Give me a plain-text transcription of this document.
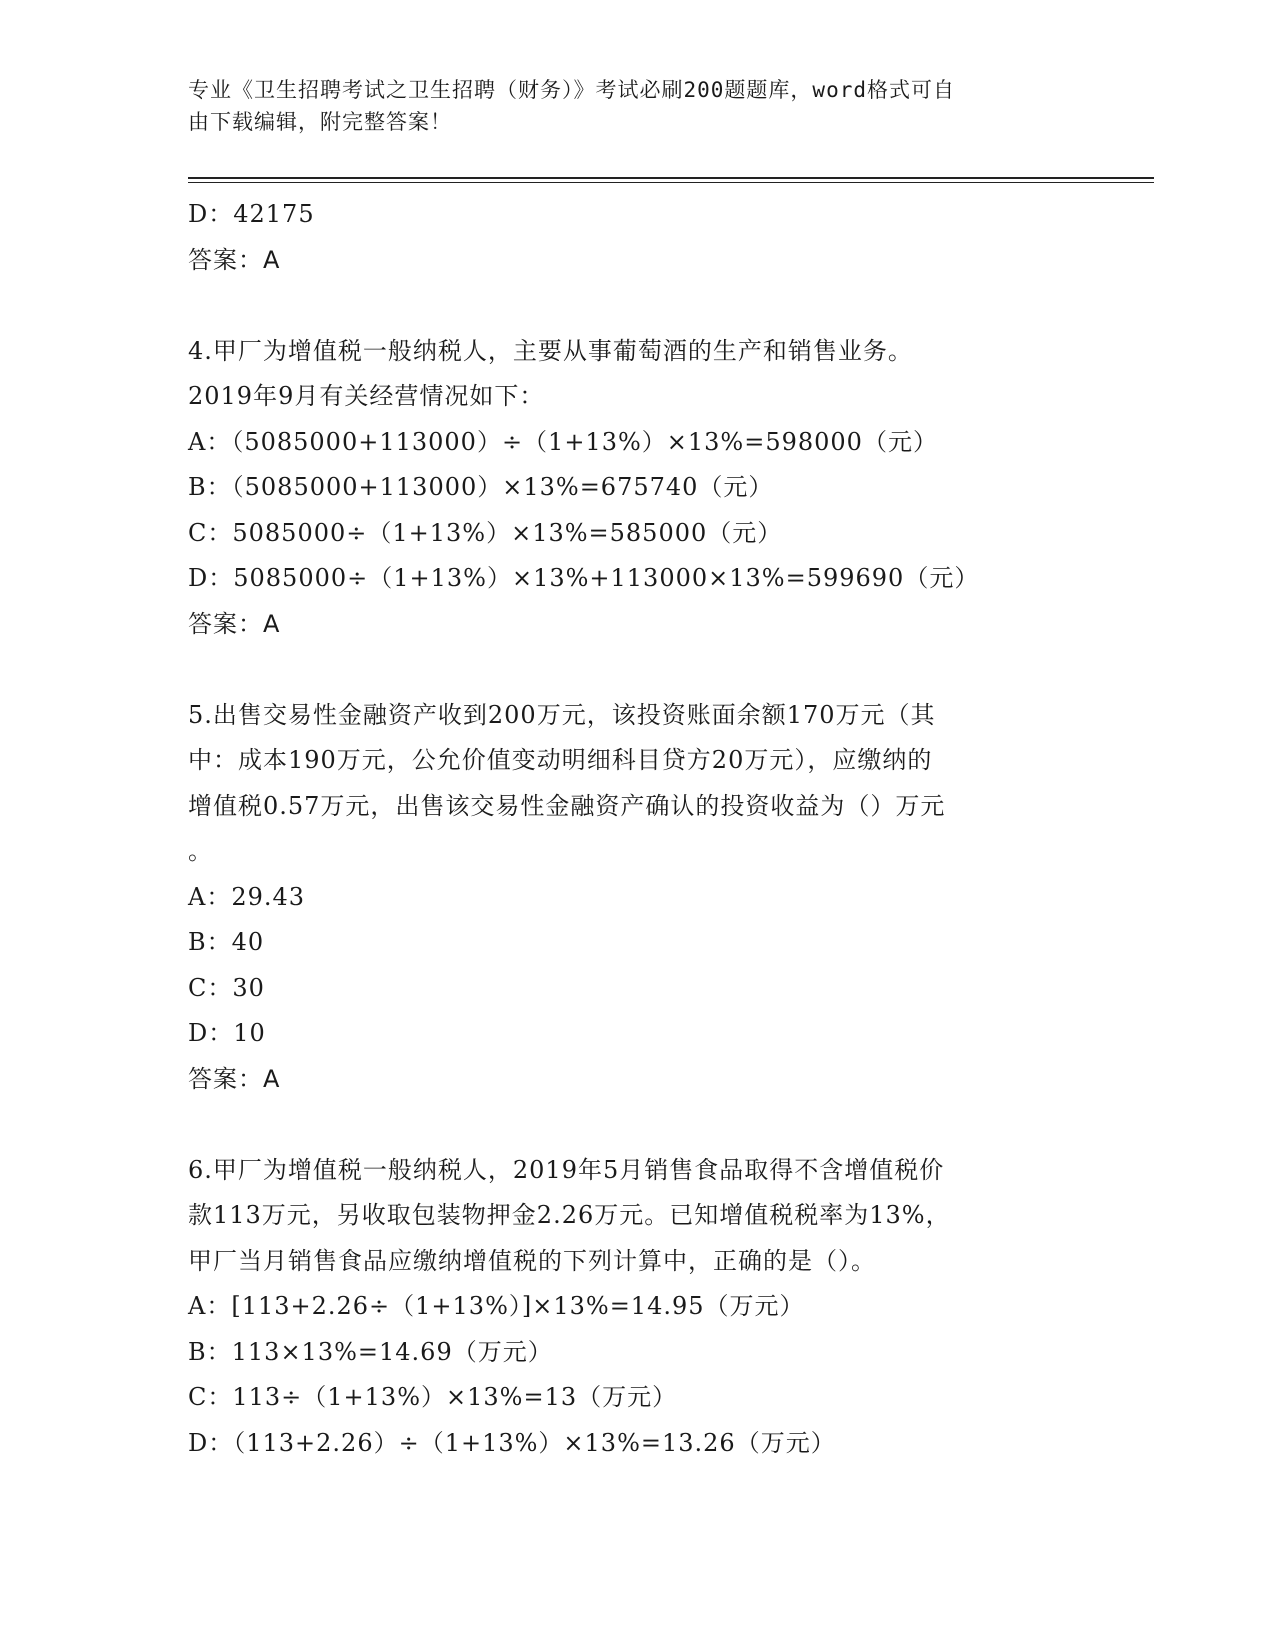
专业《卫生招聘考试之卫生招聘（财务）》考试必刷200题题库，word格式可自
由下载编辑，附完整答案！
D：42175
答案：A
4.甲厂为增值税一般纳税人，主要从事葡萄酒的生产和销售业务。
2019年9月有关经营情况如下：
A：（5085000+113000）÷（1+13%）×13%=598000（元）
B：（5085000+113000）×13%=675740（元）
C：5085000÷（1+13%）×13%=585000（元）
D：5085000÷（1+13%）×13%+113000×13%=599690（元）
答案：A
5.出售交易性金融资产收到200万元，该投资账面余额170万元（其
中：成本190万元，公允价值变动明细科目贷方20万元），应缴纳的
增值税0.57万元，出售该交易性金融资产确认的投资收益为（）万元
。
A：29.43
B：40
C：30
D：10
答案：A
6.甲厂为增值税一般纳税人，2019年5月销售食品取得不含增值税价
款113万元，另收取包装物押金2.26万元。已知增值税税率为13%，
甲厂当月销售食品应缴纳增值税的下列计算中，正确的是（）。
A：[113+2.26÷（1+13%）]×13%=14.95（万元）
B：113×13%=14.69（万元）
C：113÷（1+13%）×13%=13（万元）
D：（113+2.26）÷（1+13%）×13%=13.26（万元）
